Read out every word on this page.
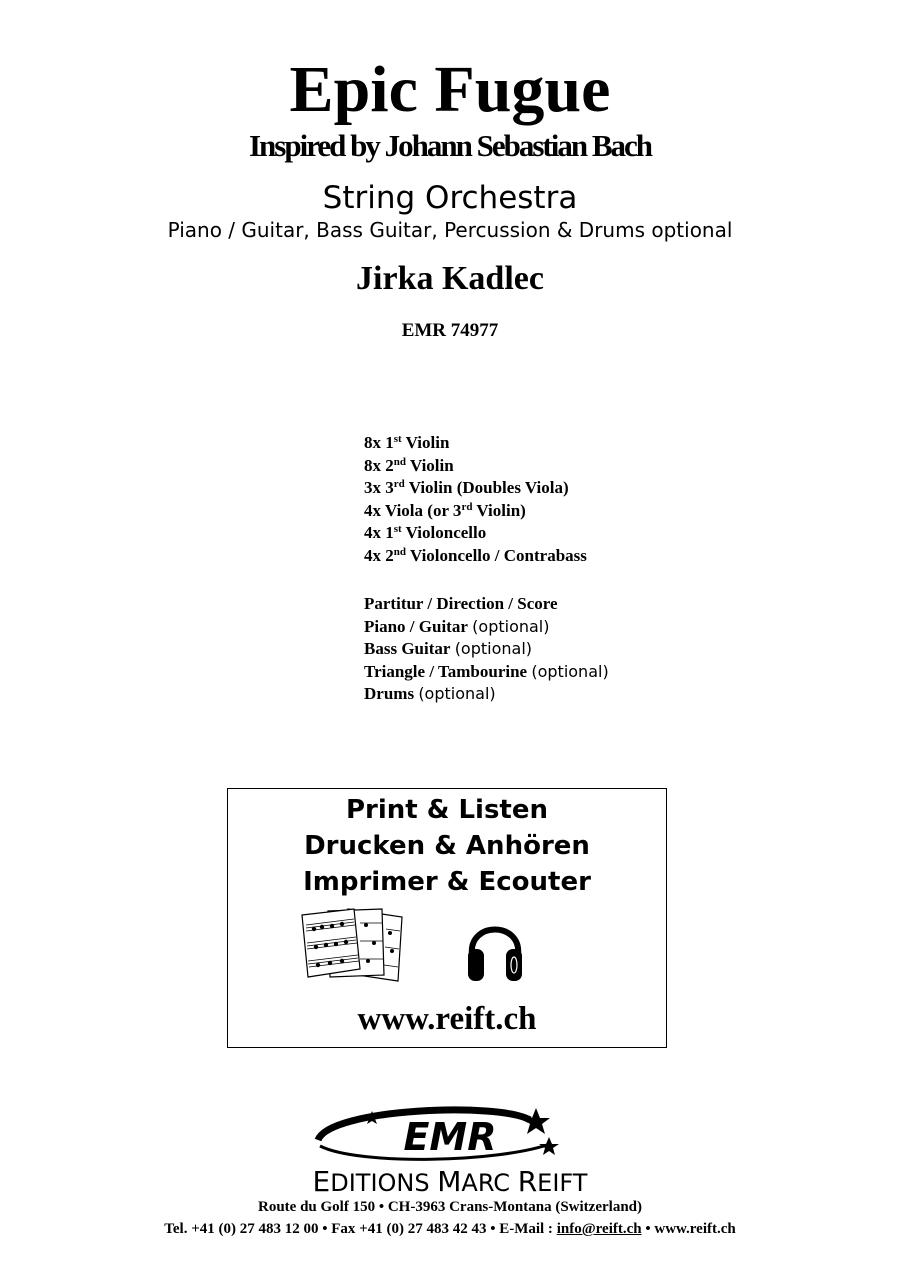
Epic Fugue
Inspired by Johann Sebastian Bach
String Orchestra
Piano / Guitar, Bass Guitar, Percussion & Drums optional
Jirka Kadlec
EMR 74977
8x 1st Violin
8x 2nd Violin
3x 3rd Violin (Doubles Viola)
4x Viola (or 3rd Violin)
4x 1st Violoncello
4x 2nd Violoncello / Contrabass
Partitur / Direction / Score
Piano / Guitar (optional)
Bass Guitar (optional)
Triangle / Tambourine (optional)
Drums (optional)
Print & Listen
Drucken & Anhören
Imprimer & Ecouter
www.reift.ch
EMR
EDITIONS MARC REIFT
Route du Golf 150 • CH-3963 Crans-Montana (Switzerland)
Tel. +41 (0) 27 483 12 00 • Fax +41 (0) 27 483 42 43 • E-Mail : info@reift.ch • www.reift.ch
